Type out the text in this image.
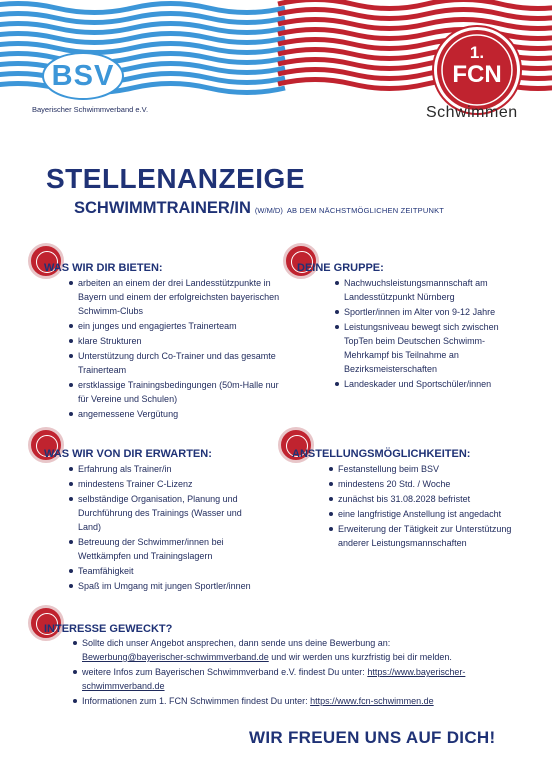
BSV
Bayerischer Schwimmverband e.V.
1.
FCN
Schwimmen
STELLENANZEIGE
SCHWIMMTRAINER/IN (W/M/D) AB DEM NÄCHSTMÖGLICHEN ZEITPUNKT
WAS WIR DIR BIETEN:
arbeiten an einem der drei Landesstützpunkte in Bayern und einem der erfolgreichsten bayerischen Schwimm-Clubs
ein junges und engagiertes Trainerteam
klare Strukturen
Unterstützung durch Co-Trainer und das gesamte Trainerteam
erstklassige Trainingsbedingungen (50m-Halle nur für Vereine und Schulen)
angemessene Vergütung
DEINE GRUPPE:
Nachwuchsleistungsmannschaft am Landesstützpunkt Nürnberg
Sportler/innen im Alter von 9-12 Jahre
Leistungsniveau bewegt sich zwischen TopTen beim Deutschen Schwimm-Mehrkampf bis Teilnahme an Bezirksmeisterschaften
Landeskader und Sportschüler/innen
WAS WIR VON DIR ERWARTEN:
Erfahrung als Trainer/in
mindestens Trainer C-Lizenz
selbständige Organisation, Planung und Durchführung des Trainings (Wasser und Land)
Betreuung der Schwimmer/innen bei Wettkämpfen und Trainingslagern
Teamfähigkeit
Spaß im Umgang mit jungen Sportler/innen
ANSTELLUNGSMÖGLICHKEITEN:
Festanstellung beim BSV
mindestens 20 Std. / Woche
zunächst bis 31.08.2028 befristet
eine langfristige Anstellung ist angedacht
Erweiterung der Tätigkeit zur Unterstützung anderer Leistungsmannschaften
INTERESSE GEWECKT?
Sollte dich unser Angebot ansprechen, dann sende uns deine Bewerbung an:
Bewerbung@bayerischer-schwimmverband.de und wir werden uns kurzfristig bei dir melden.
weitere Infos zum Bayerischen Schwimmverband e.V. findest Du unter: https://www.bayerischer-schwimmverband.de
Informationen zum 1. FCN Schwimmen findest Du unter: https://www.fcn-schwimmen.de
WIR FREUEN UNS AUF DICH!
